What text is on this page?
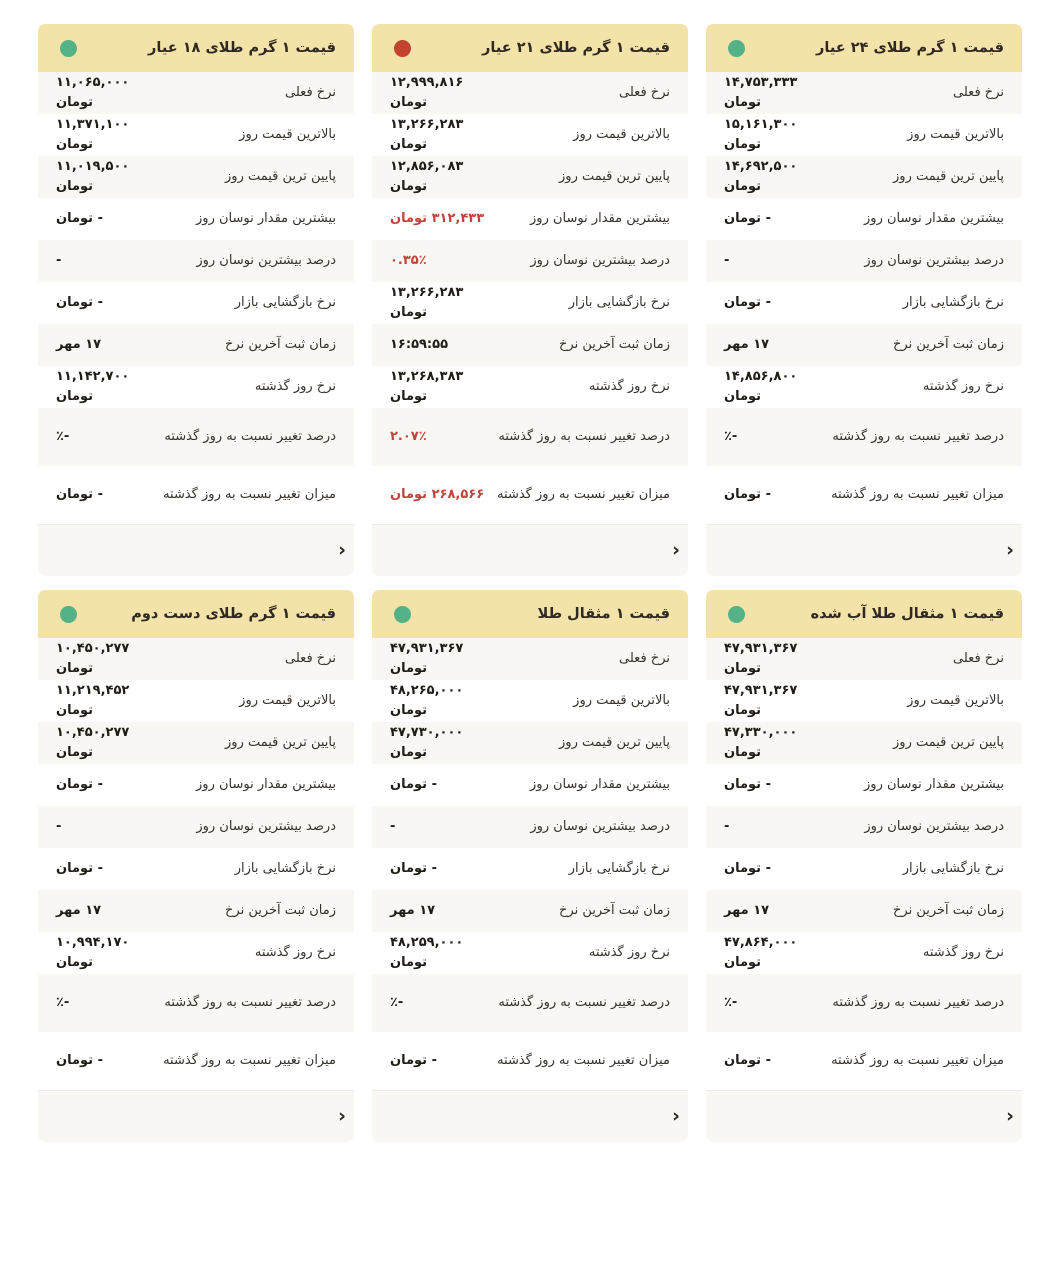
قیمت ۱ گرم طلای ۲۴ عیار
نرخ فعلی
۱۴,۷۵۳,۳۳۳ تومان
بالاترین قیمت روز
۱۵,۱۶۱,۳۰۰ تومان
پایین ترین قیمت روز
۱۴,۶۹۲,۵۰۰ تومان
بیشترین مقدار نوسان روز
- تومان
درصد بیشترین نوسان روز
-
نرخ بازگشایی بازار
- تومان
زمان ثبت آخرین نرخ
۱۷ مهر
نرخ روز گذشته
۱۴,۸۵۶,۸۰۰ تومان
درصد تغییر نسبت به روز گذشته
-٪
میزان تغییر نسبت به روز گذشته
- تومان
‹
قیمت ۱ گرم طلای ۲۱ عیار
نرخ فعلی
۱۲,۹۹۹,۸۱۶ تومان
بالاترین قیمت روز
۱۳,۲۶۶,۲۸۳ تومان
پایین ترین قیمت روز
۱۲,۸۵۶,۰۸۳ تومان
بیشترین مقدار نوسان روز
۳۱۲,۴۳۳ تومان
درصد بیشترین نوسان روز
۰.۳۵٪
نرخ بازگشایی بازار
۱۳,۲۶۶,۲۸۳ تومان
زمان ثبت آخرین نرخ
۱۶:۵۹:۵۵
نرخ روز گذشته
۱۳,۲۶۸,۳۸۳ تومان
درصد تغییر نسبت به روز گذشته
۲.۰۷٪
میزان تغییر نسبت به روز گذشته
۲۶۸,۵۶۶ تومان
‹
قیمت ۱ گرم طلای ۱۸ عیار
نرخ فعلی
۱۱,۰۶۵,۰۰۰ تومان
بالاترین قیمت روز
۱۱,۳۷۱,۱۰۰ تومان
پایین ترین قیمت روز
۱۱,۰۱۹,۵۰۰ تومان
بیشترین مقدار نوسان روز
- تومان
درصد بیشترین نوسان روز
-
نرخ بازگشایی بازار
- تومان
زمان ثبت آخرین نرخ
۱۷ مهر
نرخ روز گذشته
۱۱,۱۴۲,۷۰۰ تومان
درصد تغییر نسبت به روز گذشته
-٪
میزان تغییر نسبت به روز گذشته
- تومان
‹
قیمت ۱ مثقال طلا آب شده
نرخ فعلی
۴۷,۹۳۱,۳۶۷ تومان
بالاترین قیمت روز
۴۷,۹۳۱,۳۶۷ تومان
پایین ترین قیمت روز
۴۷,۳۳۰,۰۰۰ تومان
بیشترین مقدار نوسان روز
- تومان
درصد بیشترین نوسان روز
-
نرخ بازگشایی بازار
- تومان
زمان ثبت آخرین نرخ
۱۷ مهر
نرخ روز گذشته
۴۷,۸۶۴,۰۰۰ تومان
درصد تغییر نسبت به روز گذشته
-٪
میزان تغییر نسبت به روز گذشته
- تومان
‹
قیمت ۱ مثقال طلا
نرخ فعلی
۴۷,۹۳۱,۳۶۷ تومان
بالاترین قیمت روز
۴۸,۲۶۵,۰۰۰ تومان
پایین ترین قیمت روز
۴۷,۷۳۰,۰۰۰ تومان
بیشترین مقدار نوسان روز
- تومان
درصد بیشترین نوسان روز
-
نرخ بازگشایی بازار
- تومان
زمان ثبت آخرین نرخ
۱۷ مهر
نرخ روز گذشته
۴۸,۲۵۹,۰۰۰ تومان
درصد تغییر نسبت به روز گذشته
-٪
میزان تغییر نسبت به روز گذشته
- تومان
‹
قیمت ۱ گرم طلای دست دوم
نرخ فعلی
۱۰,۴۵۰,۲۷۷ تومان
بالاترین قیمت روز
۱۱,۲۱۹,۴۵۲ تومان
پایین ترین قیمت روز
۱۰,۴۵۰,۲۷۷ تومان
بیشترین مقدار نوسان روز
- تومان
درصد بیشترین نوسان روز
-
نرخ بازگشایی بازار
- تومان
زمان ثبت آخرین نرخ
۱۷ مهر
نرخ روز گذشته
۱۰,۹۹۴,۱۷۰ تومان
درصد تغییر نسبت به روز گذشته
-٪
میزان تغییر نسبت به روز گذشته
- تومان
‹
